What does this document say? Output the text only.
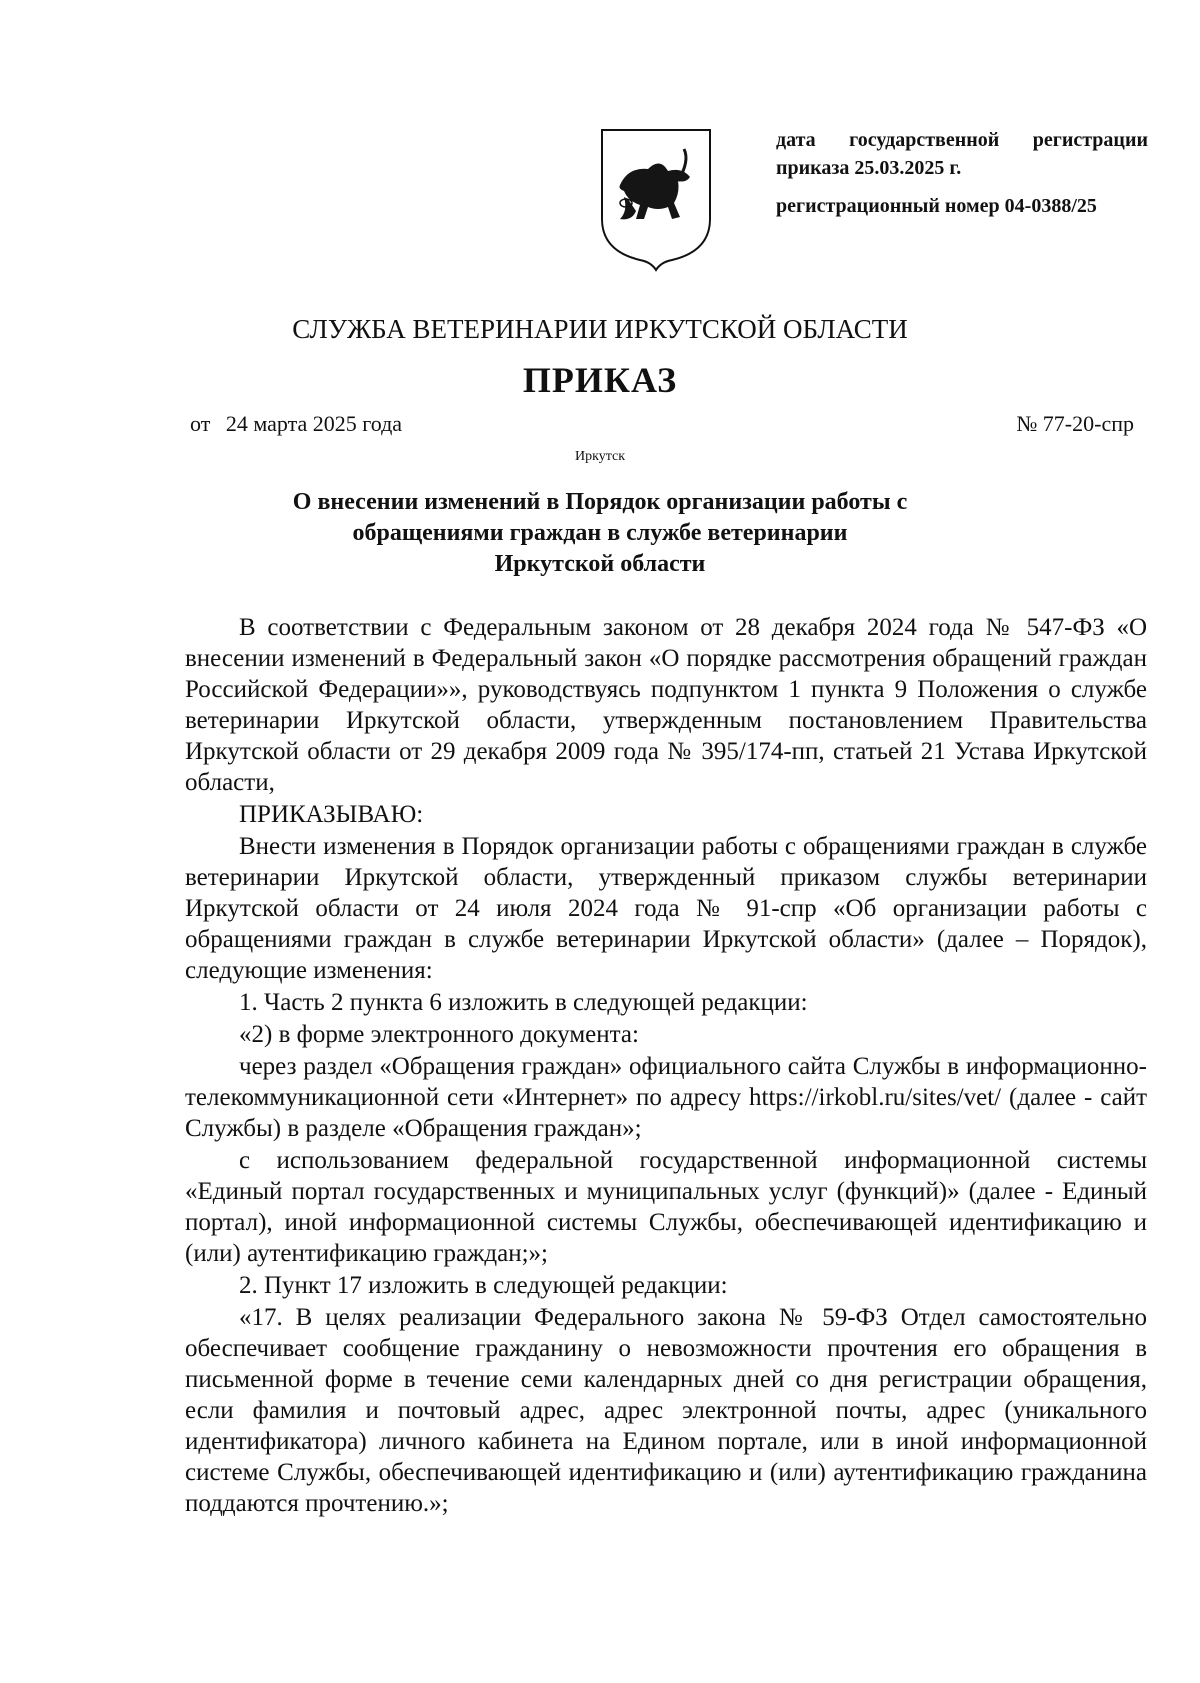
дата государственной регистрации
приказа 25.03.2025 г.
регистрационный номер 04-0388/25
СЛУЖБА ВЕТЕРИНАРИИ ИРКУТСКОЙ ОБЛАСТИ
ПРИКАЗ
от 24 марта 2025 года	№ 77-20-спр
Иркутск
О внесении изменений в Порядок организации работы с
обращениями граждан в службе ветеринарии
Иркутской области

В соответствии с Федеральным законом от 28 декабря 2024 года № 547-ФЗ «О внесении изменений в Федеральный закон «О порядке рассмотрения обращений граждан Российской Федерации»», руководствуясь подпунктом 1 пункта 9 Положения о службе ветеринарии Иркутской области, утвержденным постановлением Правительства Иркутской области от 29 декабря 2009 года № 395/174-пп, статьей 21 Устава Иркутской области,

ПРИКАЗЫВАЮ:

Внести изменения в Порядок организации работы с обращениями граждан в службе ветеринарии Иркутской области, утвержденный приказом службы ветеринарии Иркутской области от 24 июля 2024 года № 91-спр «Об организации работы с обращениями граждан в службе ветеринарии Иркутской области» (далее – Порядок), следующие изменения:

1. Часть 2 пункта 6 изложить в следующей редакции:

«2) в форме электронного документа:

через раздел «Обращения граждан» официального сайта Службы в информационно-телекоммуникационной сети «Интернет» по адресу https://irkobl.ru/sites/vet/ (далее - сайт Службы) в разделе «Обращения граждан»;

с использованием федеральной государственной информационной системы «Единый портал государственных и муниципальных услуг (функций)» (далее - Единый портал), иной информационной системы Службы, обеспечивающей идентификацию и (или) аутентификацию граждан;»;

2. Пункт 17 изложить в следующей редакции:

«17. В целях реализации Федерального закона № 59-ФЗ Отдел самостоятельно обеспечивает сообщение гражданину о невозможности прочтения его обращения в письменной форме в течение семи календарных дней со дня регистрации обращения, если фамилия и почтовый адрес, адрес электронной почты, адрес (уникального идентификатора) личного кабинета на Едином портале, или в иной информационной системе Службы, обеспечивающей идентификацию и (или) аутентификацию гражданина поддаются прочтению.»;
